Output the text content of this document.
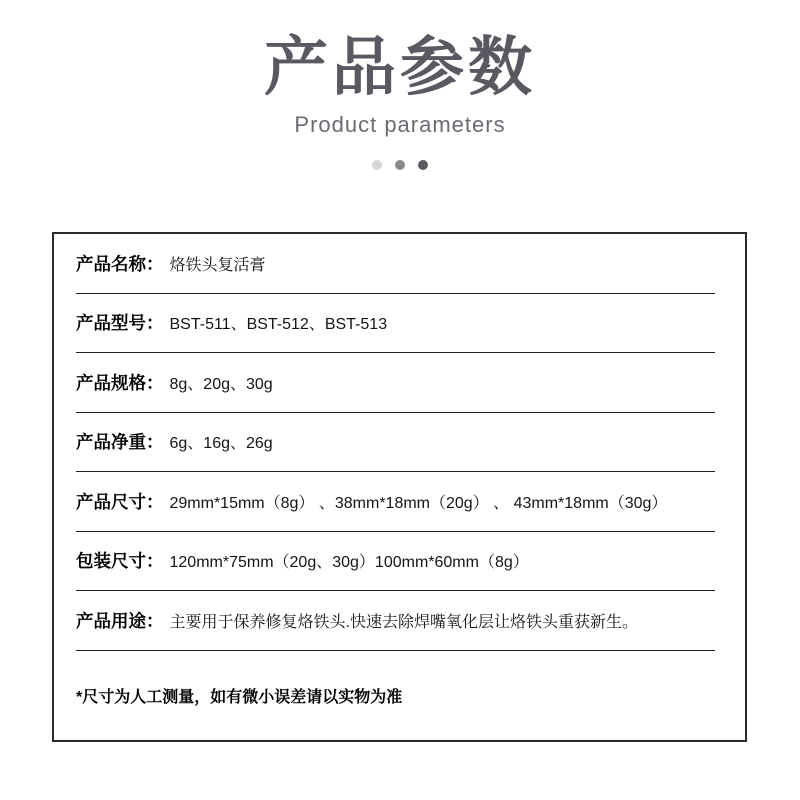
产品参数
Product parameters
产品名称： 烙铁头复活膏
产品型号： BST-511、BST-512、BST-513
产品规格： 8g、20g、30g
产品净重： 6g、16g、26g
产品尺寸： 29mm*15mm（8g） 、38mm*18mm（20g） 、 43mm*18mm（30g）
包装尺寸： 120mm*75mm（20g、30g）100mm*60mm（8g）
产品用途： 主要用于保养修复烙铁头.快速去除焊嘴氧化层让烙铁头重获新生。
*尺寸为人工测量，如有微小误差请以实物为准
